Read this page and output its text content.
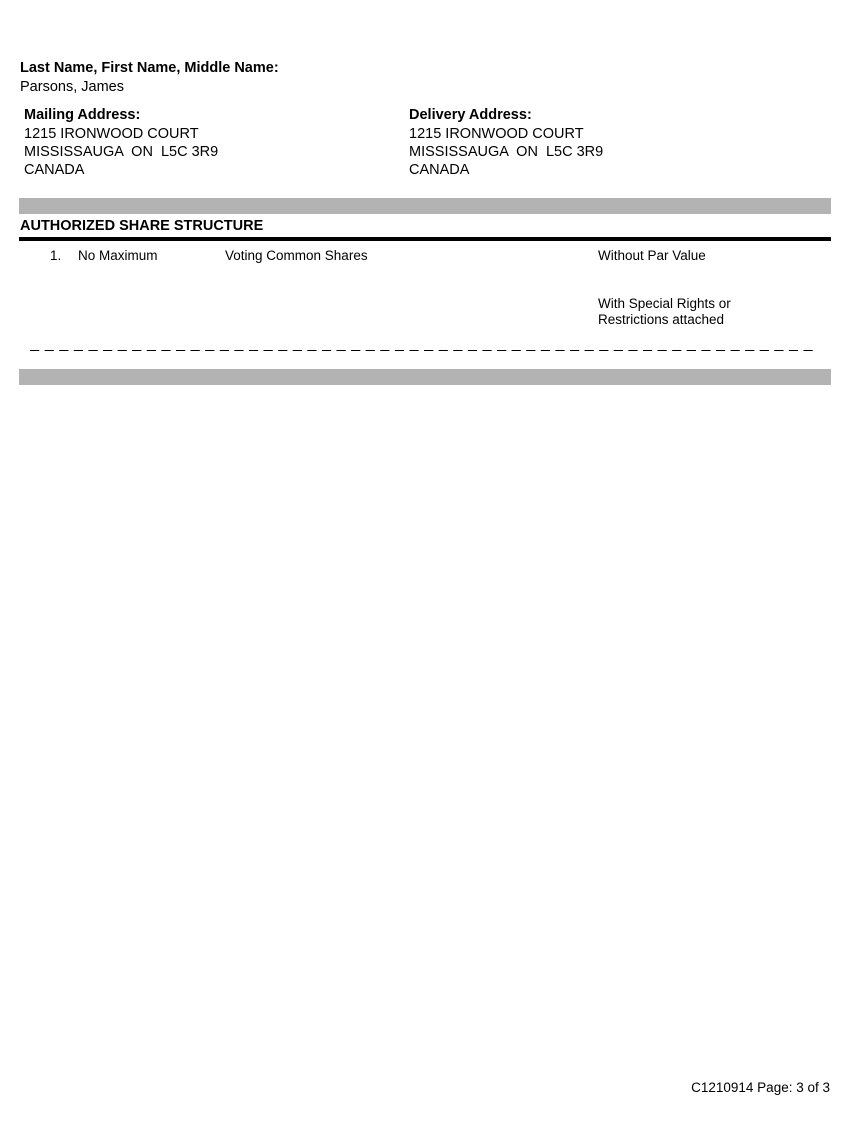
Last Name, First Name, Middle Name:
Parsons, James
Mailing Address:
1215 IRONWOOD COURT
MISSISSAUGA  ON  L5C 3R9
CANADA
Delivery Address:
1215 IRONWOOD COURT
MISSISSAUGA  ON  L5C 3R9
CANADA
AUTHORIZED SHARE STRUCTURE
1. No Maximum	Voting Common Shares	Without Par Value
With Special Rights or
Restrictions attached
C1210914 Page: 3 of 3
